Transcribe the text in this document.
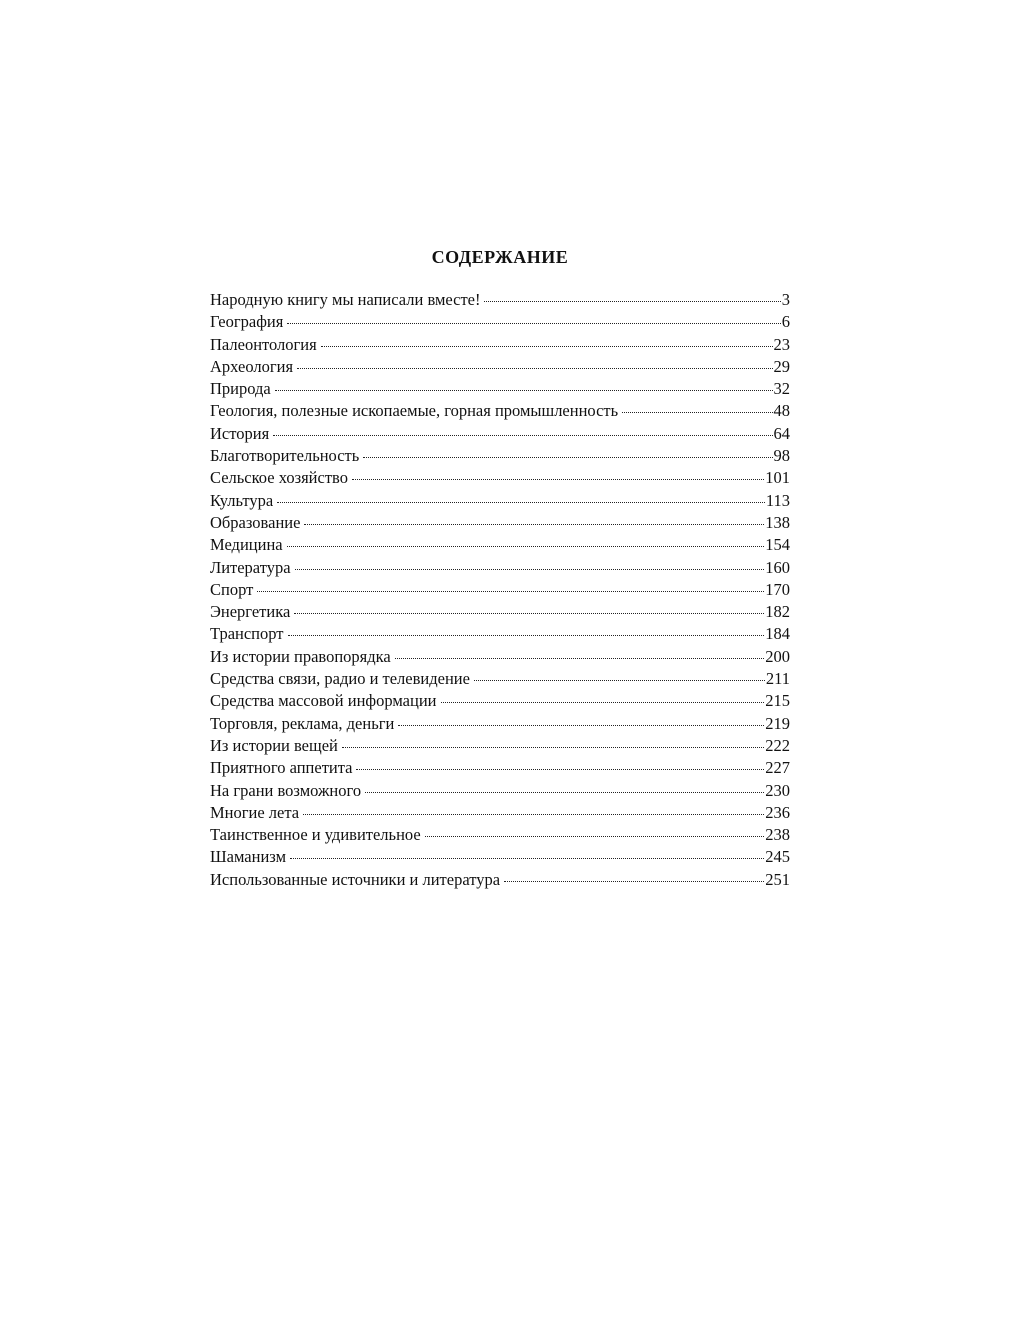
СОДЕРЖАНИЕ
Народную книгу мы написали вместе!	3
География	6
Палеонтология	23
Археология	29
Природа	32
Геология, полезные ископаемые, горная промышленность	48
История	64
Благотворительность	98
Сельское хозяйство	101
Культура	113
Образование	138
Медицина	154
Литература	160
Спорт	170
Энергетика	182
Транспорт	184
Из истории правопорядка	200
Средства связи, радио и телевидение	211
Средства массовой информации	215
Торговля, реклама, деньги	219
Из истории вещей	222
Приятного аппетита	227
На грани возможного	230
Многие лета	236
Таинственное и удивительное	238
Шаманизм	245
Использованные источники и литература	251
